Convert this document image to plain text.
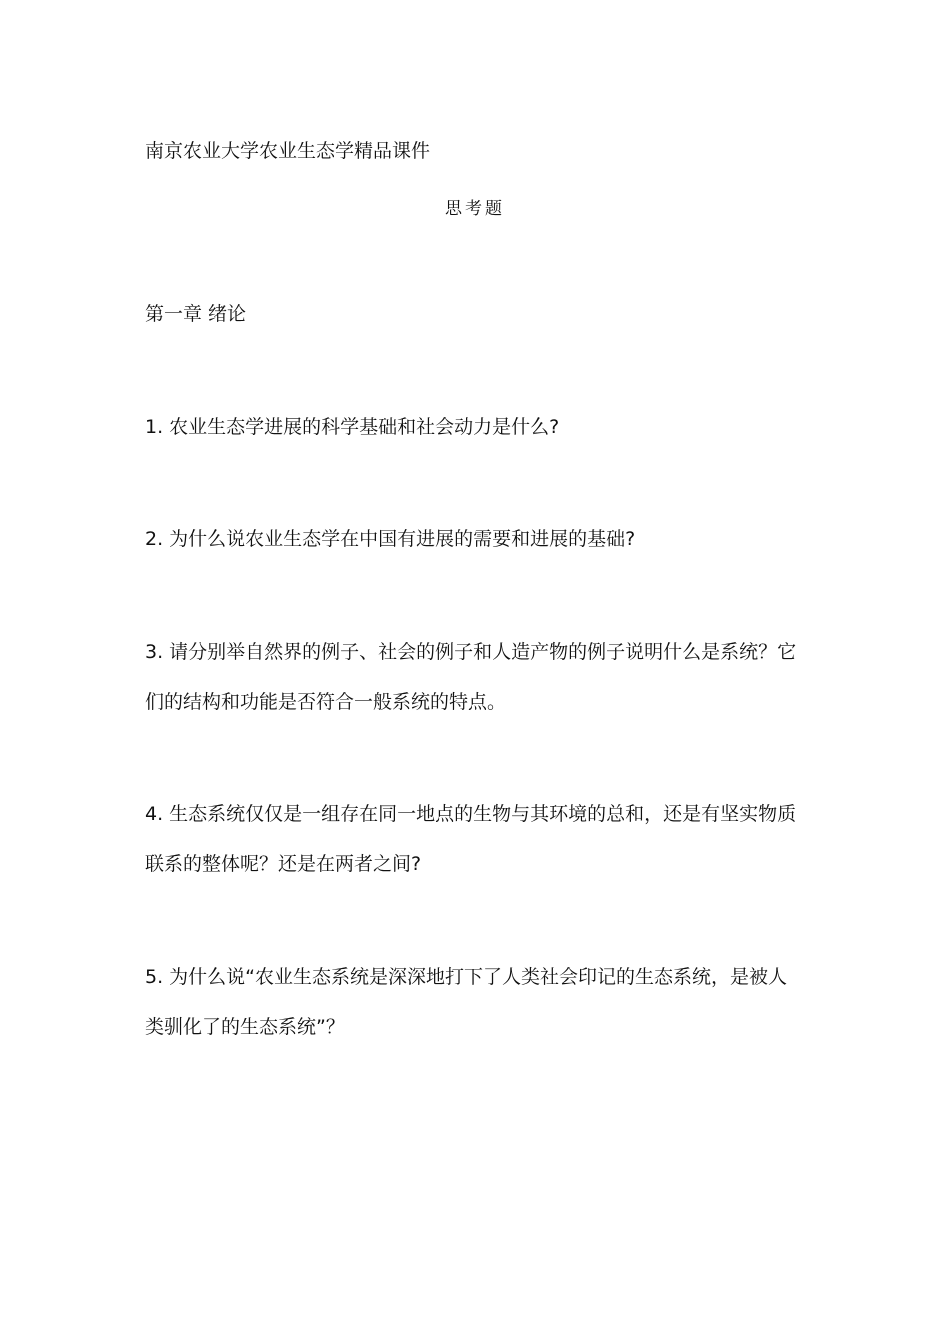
南京农业大学农业生态学精品课件
思考题
第一章 绪论
1. 农业生态学进展的科学基础和社会动力是什么?
2. 为什么说农业生态学在中国有进展的需要和进展的基础?
3. 请分别举自然界的例子、社会的例子和人造产物的例子说明什么是系统？它
们的结构和功能是否符合一般系统的特点。
4. 生态系统仅仅是一组存在同一地点的生物与其环境的总和，还是有坚实物质
联系的整体呢？还是在两者之间?
5. 为什么说“农业生态系统是深深地打下了人类社会印记的生态系统，是被人
类驯化了的生态系统”？
